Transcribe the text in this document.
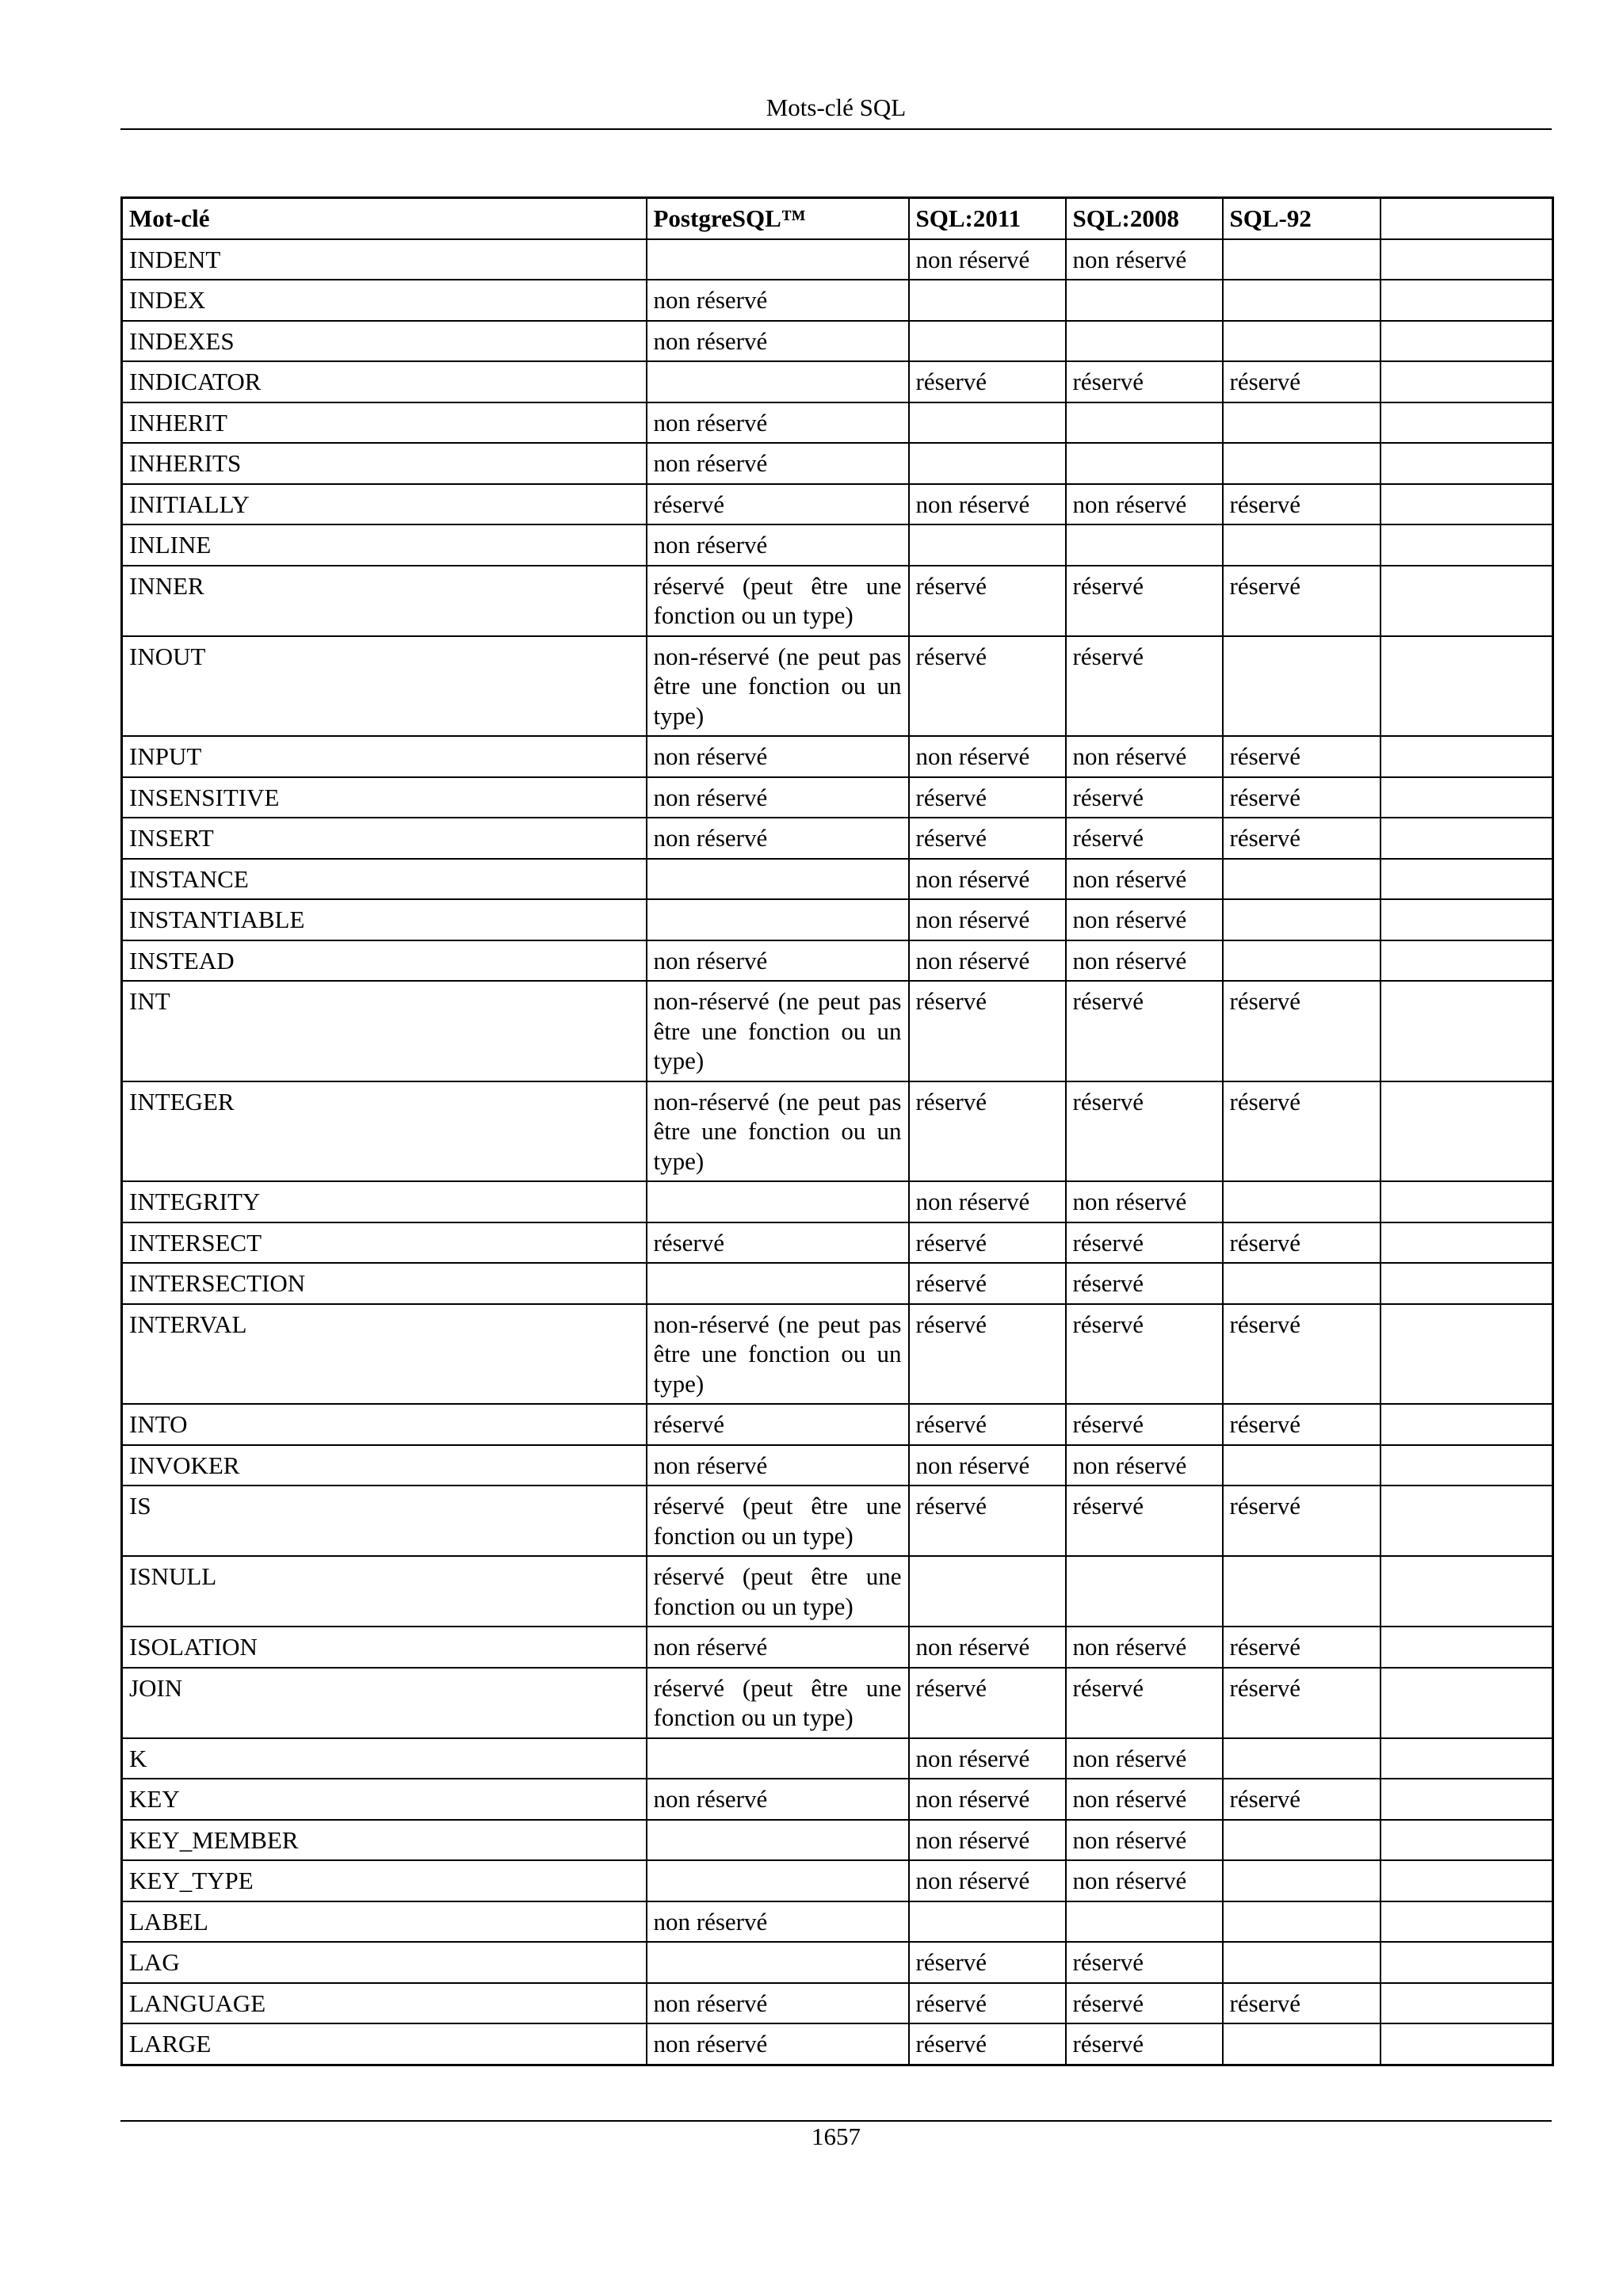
Mots-clé SQL
Mot-clé	PostgreSQL™	SQL:2011	SQL:2008	SQL-92	
INDENT		non réservé	non réservé		
INDEX	non réservé				
INDEXES	non réservé				
INDICATOR		réservé	réservé	réservé	
INHERIT	non réservé				
INHERITS	non réservé				
INITIALLY	réservé	non réservé	non réservé	réservé	
INLINE	non réservé				
INNER	réservé (peut être une fonction ou un type)	réservé	réservé	réservé	
INOUT	non-réservé (ne peut pas être une fonction ou un type)	réservé	réservé		
INPUT	non réservé	non réservé	non réservé	réservé	
INSENSITIVE	non réservé	réservé	réservé	réservé	
INSERT	non réservé	réservé	réservé	réservé	
INSTANCE		non réservé	non réservé		
INSTANTIABLE		non réservé	non réservé		
INSTEAD	non réservé	non réservé	non réservé		
INT	non-réservé (ne peut pas être une fonction ou un type)	réservé	réservé	réservé	
INTEGER	non-réservé (ne peut pas être une fonction ou un type)	réservé	réservé	réservé	
INTEGRITY		non réservé	non réservé		
INTERSECT	réservé	réservé	réservé	réservé	
INTERSECTION		réservé	réservé		
INTERVAL	non-réservé (ne peut pas être une fonction ou un type)	réservé	réservé	réservé	
INTO	réservé	réservé	réservé	réservé	
INVOKER	non réservé	non réservé	non réservé		
IS	réservé (peut être une fonction ou un type)	réservé	réservé	réservé	
ISNULL	réservé (peut être une fonction ou un type)				
ISOLATION	non réservé	non réservé	non réservé	réservé	
JOIN	réservé (peut être une fonction ou un type)	réservé	réservé	réservé	
K		non réservé	non réservé		
KEY	non réservé	non réservé	non réservé	réservé	
KEY_MEMBER		non réservé	non réservé		
KEY_TYPE		non réservé	non réservé		
LABEL	non réservé				
LAG		réservé	réservé		
LANGUAGE	non réservé	réservé	réservé	réservé	
LARGE	non réservé	réservé	réservé		
1657
